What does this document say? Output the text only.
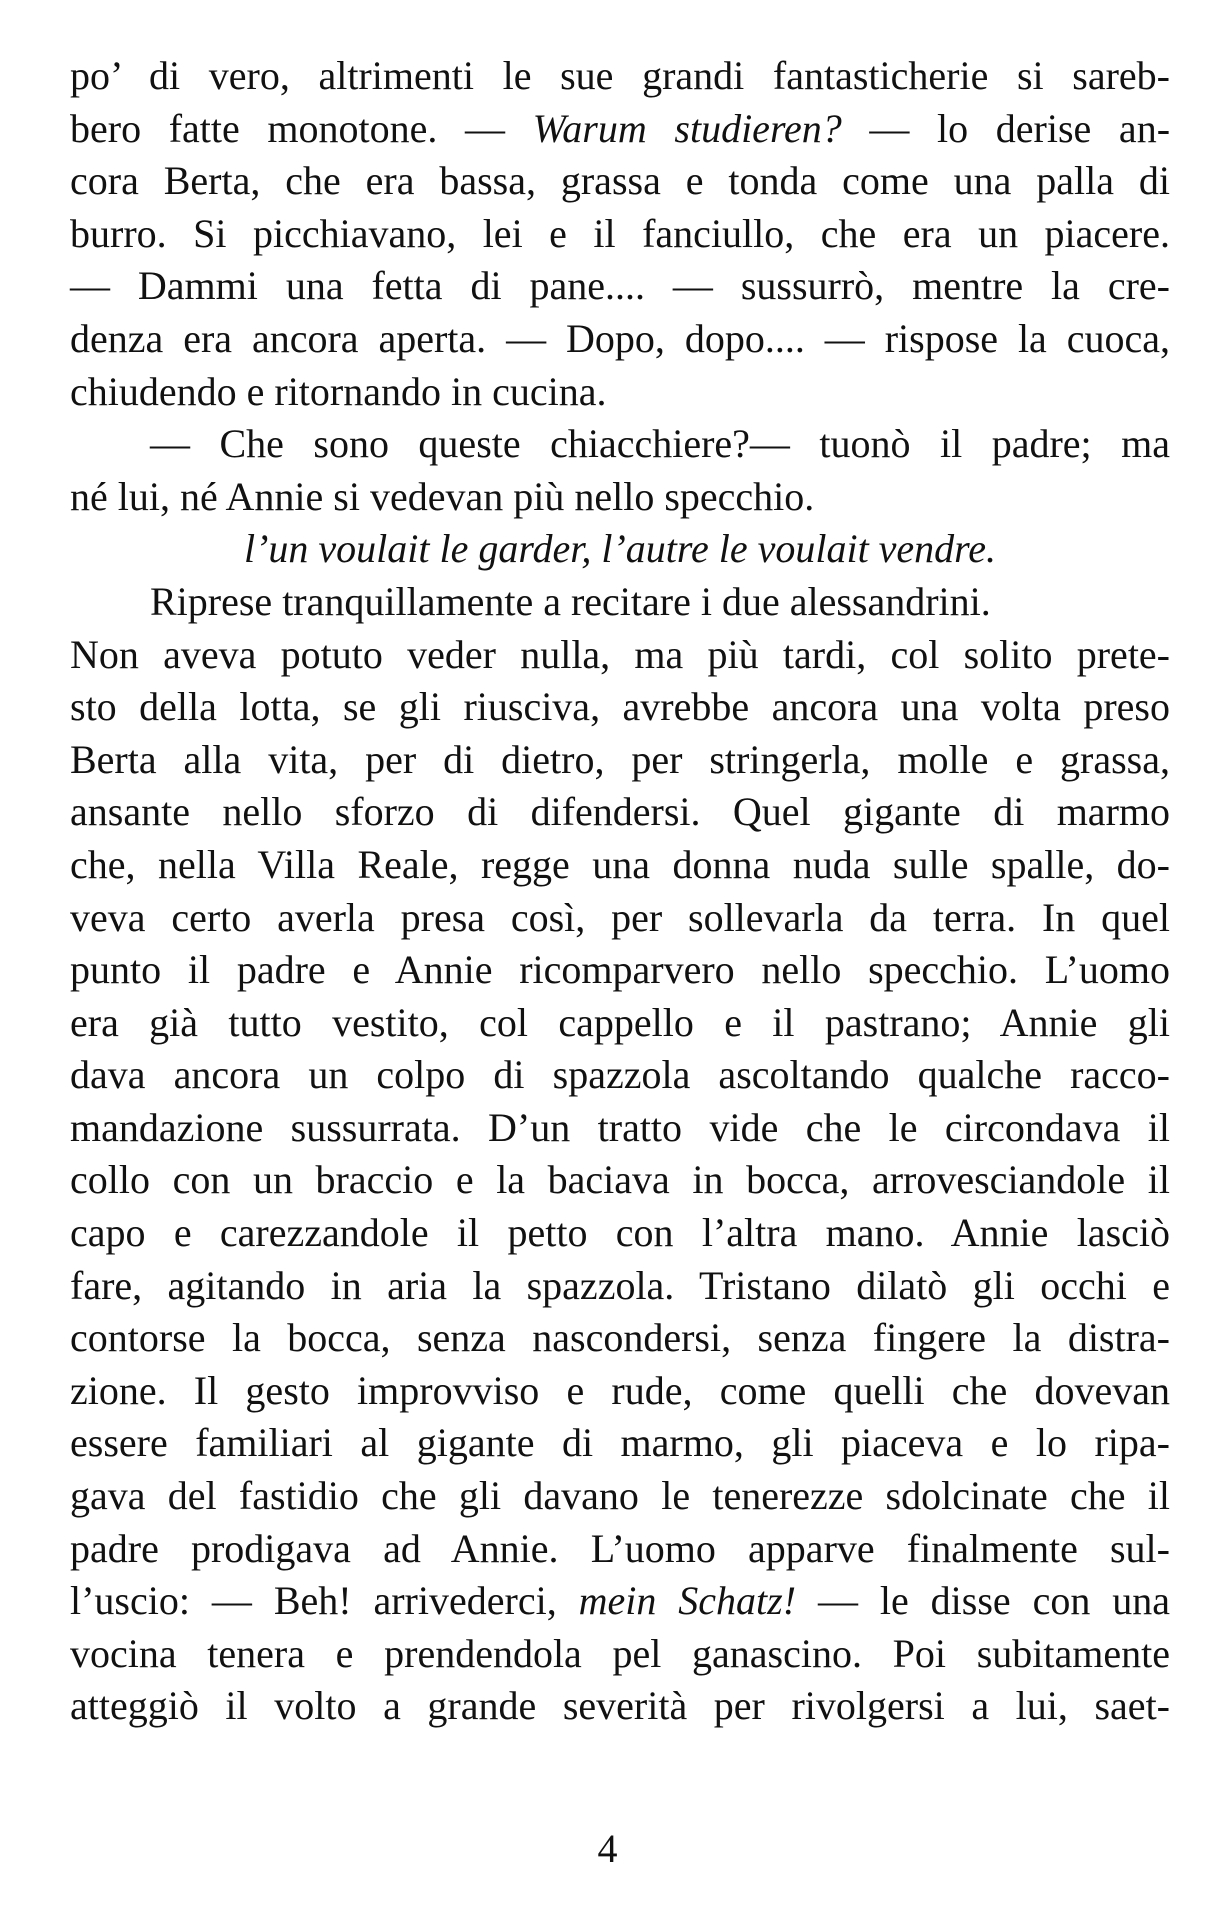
po’ di vero, altrimenti le sue grandi fantasticherie si sareb-
bero fatte monotone. — Warum studieren? — lo derise an-
cora Berta, che era bassa, grassa e tonda come una palla di
burro. Si picchiavano, lei e il fanciullo, che era un piacere.
— Dammi una fetta di pane.... — sussurrò, mentre la cre-
denza era ancora aperta. — Dopo, dopo.... — rispose la cuoca,
chiudendo e ritornando in cucina.
— Che sono queste chiacchiere?— tuonò il padre; ma
né lui, né Annie si vedevan più nello specchio.
l’un voulait le garder, l’autre le voulait vendre.
Riprese tranquillamente a recitare i due alessandrini.
Non aveva potuto veder nulla, ma più tardi, col solito prete-
sto della lotta, se gli riusciva, avrebbe ancora una volta preso
Berta alla vita, per di dietro, per stringerla, molle e grassa,
ansante nello sforzo di difendersi. Quel gigante di marmo
che, nella Villa Reale, regge una donna nuda sulle spalle, do-
veva certo averla presa così, per sollevarla da terra. In quel
punto il padre e Annie ricomparvero nello specchio. L’uomo
era già tutto vestito, col cappello e il pastrano; Annie gli
dava ancora un colpo di spazzola ascoltando qualche racco-
mandazione sussurrata. D’un tratto vide che le circondava il
collo con un braccio e la baciava in bocca, arrovesciandole il
capo e carezzandole il petto con l’altra mano. Annie lasciò
fare, agitando in aria la spazzola. Tristano dilatò gli occhi e
contorse la bocca, senza nascondersi, senza fingere la distra-
zione. Il gesto improvviso e rude, come quelli che dovevan
essere familiari al gigante di marmo, gli piaceva e lo ripa-
gava del fastidio che gli davano le tenerezze sdolcinate che il
padre prodigava ad Annie. L’uomo apparve finalmente sul-
l’uscio: — Beh! arrivederci, mein Schatz! — le disse con una
vocina tenera e prendendola pel ganascino. Poi subitamente
atteggiò il volto a grande severità per rivolgersi a lui, saet-
4
